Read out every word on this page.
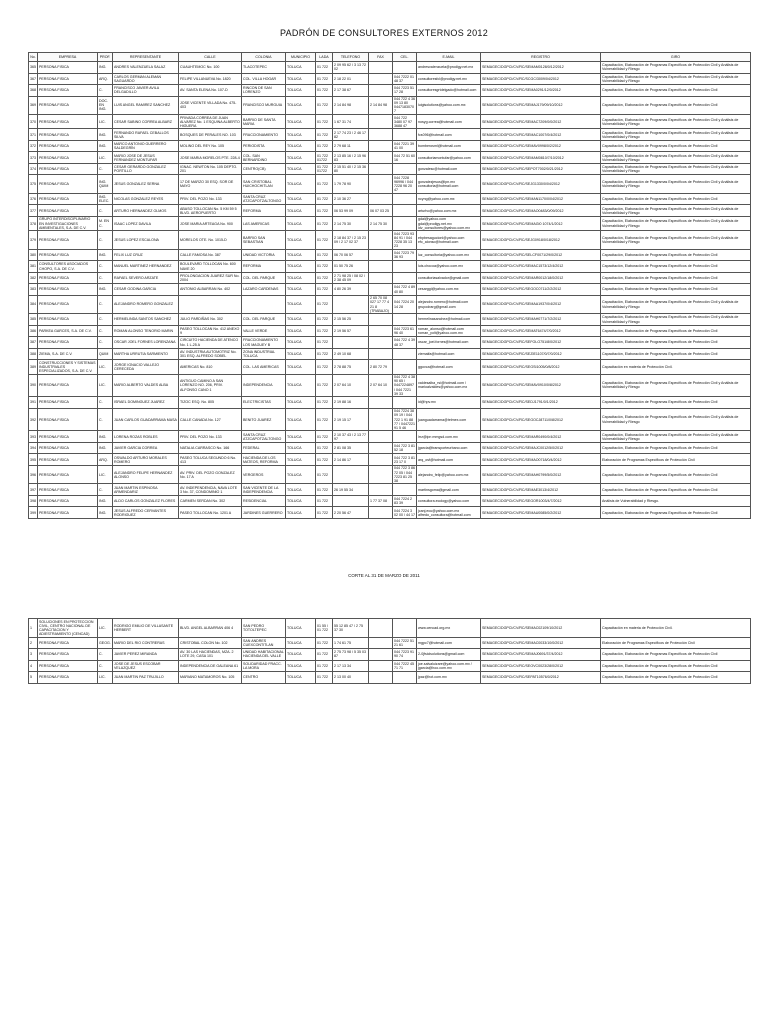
PADRÓN DE CONSULTORES EXTERNOS 2012
No.	EMPRESA	PROF.	REPRESENTANTE	CALLE	COLONIA	MUNICIPIO	LADA	TELEFONO	FAX	CEL.	E-MAIL	REGISTRO	GIRO
365	PERSONA FISICA	ING.	ANDRES VALENZUELA SALAZ	CUAUHTEMOC No. 100	TLACOTEPEC	TOLUCA	01 722	2 09 95 62 / 3 13 72 02			andresvalenzuela@prodigy.net.mx	SEMAGEC/DGPCI/CV/RC/SEMAM0128/0/12/2012	Capacitación, Elaboración de Programas Específicos de Protección Civil y Análisis de Vulnerabilidad y Riesgo
367	PERSONA FISICA	ARQ.	CARLOS GERMAN ALEMAN SAGUARDO	FELIPE VILLANUEVA No. 1820	COL. VILLA HOGAR	TOLUCA	01 722	2 18 22 01		044 7222 01 48 37	consultoresfcl@prodigy.net.mx	SEMAGEC/DGPCI/CV/RC/SCGC/3009/04/2012	Capacitación, Elaboración de Programas Específicos de Protección Civil y Análisis de Vulnerabilidad y Riesgo
368	PERSONA FISICA	C.	FRANCISCO JAVIER AVILA DELGADILLO	AV. SANTA ELENA No. 107-D	RINCON DE SAN LORENZO	TOLUCA	01 722	2 17 38 67		044 7223 51 17 28	consultoresgrtdelgado@hotmail.com	SEMAGEC/DGPCI/CV/RC/SEMA0291/12/0/2012	Capacitación, Elaboración de Programas Específicos de Protección Civil
369	PERSONA FISICA	DOC. EN ING.	LUIS ANGEL RAMIREZ SANCHEZ	JOSE VICENTE VILLADA No. 475-403	FRANCISCO MURGUIA	TOLUCA	01 722	2 14 84 98	2 14 84 98	044 722 4 36 09 13 80 0447183070 7	luigisolutions@yahoo.com.mx	SEMAGEC/DGPCI/CV/RC/SEMAJ179/09/10/2012	Capacitación, Elaboración de Programas Específicos de Protección Civil
370	PERSONA FISICA	LIC.	CESAR SABINO CORREA ALBARZ	PRIVADA CORREA DE JUAN ALVAREZ No. 1 ESQUINA ALBERTO HIGUERA	BARRIO DE SANTA MARIA	TOLUCA	01 722	1 67 31 74		044 722 3480 07 97 3688 47	nosyg.correa@hotmail.com	SEMAGEC/DGPCI/CV/RC/SEMAC7209/0/0/2012	Capacitación, Elaboración de Programas Específicos de Protección Civil y Análisis de Vulnerabilidad y Riesgo
371	PERSONA FISICA	ING.	FERNANDO RAFAEL CEBALLOS SILVA	BOSQUES DE PERALES NO. 103	FRACCIONAMIENTO	TOLUCA	01 722	2 17 74 23 / 2 46 17 82			fcs096@hotmail.com	SEMAGEC/DGPCI/CV/RC/SEMAC1007/0/4/2012	Capacitación, Elaboración de Programas Específicos de Protección Civil y Análisis de Vulnerabilidad y Riesgo
372	PERSONA FISICA	ING.	MARCO ANTONIO GUERRERO SALDEGRÍN	MOLINO DEL REY No. 105	PERIODISTA	TOLUCA	01 722	2 79 68 11		044 7221 39 41 00	bomberosml@hotmail.com	SEMAGEC/DGPCI/CV/RC/SEMAV0998/0/2/2012	Capacitación, Elaboración de Programas Específicos de Protección Civil
373	PERSONA FISICA	LIC.	MARIO JOSE DE JESUS FERNANDEZ MONTUFAR	JOSE MARIA MORELOS PTE. 228-4	COL. SAN BERNARDINO	TOLUCA	01 722 01722	2 13 85 16 / 2 15 96 83		044 72 51 60 16	consultoriamontufar@yahoo.com	SEMAGEC/DGPCI/CV/RC/SEMAM0810/7/10/2012	Capacitación, Elaboración de Programas Específicos de Protección Civil y Análisis de Vulnerabilidad y Riesgo
374	PERSONA FISICA	C.	CESAR GERARDO GONZALEZ PORTILLO	IGNAC. NEWTON No. 105 DEPTO. 201	CENTRO(CB)	TOLUCA	01 722 01722	2 15 51 40 / 2 15 36 80			gonzalesc@hotmail.com	SEMAGEC/DGPCI/CV/RC/SEPOT7002/0/21/2012	Capacitación, Elaboración de Programas Específicos de Protección Civil y Análisis de Vulnerabilidad y Riesgo
375	PERSONA FISICA	ING. QUIM	JESUS GONZALEZ SERNA	17 DE MARZO 30 ESQ. SOR DE MAYO	SAN CRISTOBAL HUICHOCHITLAN	TOLUCA	01 722	1 79 78 90		044 7228 96996 / 044 7228 96 20 47	gonzalezjesus@ipn.mx consultoria@hotmail.com	SEMAGEC/DGPCI/CV/RC/SEJG1330/0/04/2012	Capacitación, Elaboración de Programas Específicos de Protección Civil y Análisis de Vulnerabilidad y Riesgo
376	PERSONA FISICA	ING. ELEC.	NICOLAS GONZALEZ REYES	PRIV. DEL POZO No. 133	SANTA CRUZ ATZCAPOTZALTONGO	TOLUCA	01 722	2 10 36 27			ncyng@yahoo.com.mx	SEMAGEC/DGPCI/CV/RC/SEMAN1170/0/04/2012	Capacitación, Elaboración de Programas Específicos de Protección Civil
377	PERSONA FISICA	C.	ARTURO HERNANDEZ OLMOS	ABASO TOLLOCAN No. 5 KM 59 5 BLVD. AEROPUERTO	REFORMA	TOLUCA	01 722	06 53 99 09	06 07 03 25		arturho@yahoo.com.mx	SEMAGEC/DGPCI/CV/RC/SEMAO0483/0/09/2012	Capacitación, Elaboración de Programas Específicos de Protección Civil y Análisis de Vulnerabilidad y Riesgo
378	GRUPO INTERDISCIPLINARIO EN INVESTIGACIONES AMBIENTALES, S.A. DE C.V.	M. EN C.	ISAAC LOPEZ DAVILA	JOSE MARIA ARTEAGA No. 900	LAS AMERICAS	TOLUCA	01 722	2 14 75 30	2 14 75 30		gdai@yahoo.com gdai@prodigy.net.mx idv_consultores@yahoo.com.mx	SEMAGEC/DGPCI/CV/RC/SEMAGI0 1074/1/2012	Capacitación, Elaboración de Programas Específicos de Protección Civil y Análisis de Vulnerabilidad y Riesgo
379	PERSONA FISICA	C.	JESUS LOPEZ ESCALONA	MORELOS OTE. No. 1015-D	BARRIO SAN SEBASTIAN	TOLUCA	01 722	2 18 84 37 / 2 15 23 09 / 2 17 02 37		044 7223 93 84 91 / 044 7228 35 13 23	ebpbesagucionl@yahoo.com efc_alonso@hotmail.com	SEMAGEC/DGPCI/CV/RC/SEJG0918/0/18/2012	Capacitación, Elaboración de Programas Específicos de Protección Civil y Análisis de Vulnerabilidad y Riesgo
380	PERSONA FISICA	ING.	FELIX LUZ CRUZ	CALLE FAMOSA No. 387	UNIDAD VICTORIA	TOLUCA	01 722	06 70 06 57		044 7223 79 36 93	luz_consultoria@yahoo.com.mx	SEMAGEC/DGPCI/CV/RC/SELCF0071/29/0/2012	Capacitación, Elaboración de Programas Específicos de Protección Civil
381	CONSULTORES ASOCIADOS CHOPO, S.A. DE C.V.	C.	MANUEL MARTINEZ HERNANDEZ	BOULEVARD TOLLOCAN No. 600 NAVE 20	REFORMA	TOLUCA	01 722	01 50 75 26			luis.chocoa@yahoo.com.mx	SEMAGEC/DGPCI/CV/RC/SEMAC1573/12/4/2012	Capacitación, Elaboración de Programas Específicos de Protección Civil
382	PERSONA FISICA	C.	RAFAEL SEVERO ARZATE	PROLONGACION JUAREZ SUR No. 2004	COL. DEL PARQUE	TOLUCA	01 722	2 71 98 25 / 08 02 / 2 38 45 09			consultoriasalvador@gmail.com	SEMAGEC/DGPCI/CV/RC/SEMAR0012/18/0/2012	Capacitación, Elaboración de Programas Específicos de Protección Civil
383	PERSONA FISICA	ING.	CESAR GODINA GARCIA	ANTONIO ALBARRAN No. 402	LAZARO CARDENAS	TOLUCA	01 722	4 80 26 39		044 722 4 89 40 80	cesarggi@yahoo.com.mx	SEMAGEC/DGPCI/CV/RC/SEGOC0711/2/2/2012	Capacitación, Elaboración de Programas Específicos de Protección Civil
384	PERSONA FISICA	C.	ALEJANDRO ROMERO GONZALEZ			TOLUCA	01 722		2 65 70 08 027 17 77 4 21 8 (TRABAJO)	044 7224 20 14 28	alejandro.romero@hotmail.com grupodrarg@gmail.com	SEMAGEC/DGPCI/CV/RC/SEMAA1937/0/4/2012	Capacitación, Elaboración de Programas Específicos de Protección Civil y Análisis de Vulnerabilidad y Riesgo
385	PERSONA FISICA	C.	HERMELINDA SANTOS SANCHEZ	JULIO PARDIÑAS No. 302	COL. DEL PARQUE	TOLUCA	01 722	2 15 56 25			hermelinasanchez@hotmail.com	SEMAGEC/DGPCI/CV/RC/SEMAH0771/7/2/2012	Capacitación, Elaboración de Programas Específicos de Protección Civil y Análisis de Vulnerabilidad y Riesgo
386	PARKEA GARCES, S.A. DE C.V.	C.	ROMAN ALONSO TENORIO MARIN	PASEO TOLLOCAN No. 412 ANEXO 9	VALLE VERDE	TOLUCA	01 722	2 19 56 57		044 7223 61 96 40	roman_alonso@hotmail.com roman_yolt@yahoo.com.mx	SEMAGEC/DGPCI/CV/RC/SEMAT6474/7/0/2012	Capacitación, Elaboración de Programas Específicos de Protección Civil
387	PERSONA FISICA	C.	OSCAR JOEL FORNES LORENZANA	CIRCUITO HACIENDA DE ATENCO No. 1 L-25 A	FRACCIONAMIENTO LOS MAGUEY B	TOLUCA	01 722			044 722 4 39 48 37	oscar_joel.fornes@hotmail.com	SEMAGEC/DGPCI/CV/RC/SEFOLO751/8/0/2012	Capacitación, Elaboración de Programas Específicos de Protección Civil
388	ZIEMA, S.A. DE C.V.	QUIM	MARTHA URRUTIA SARMIENTO	AV. INDUSTRIA AUTOMOTRIZ No. 301 ESQ. ALFREDO SOBEL	ZONA INDUSTRIAL TOLUCA	TOLUCA	01 722	2 49 10 68			ziemaifa@hotmail.com	SEMAGEC/DGPCI/CV/RC/SEZIE1107/0/7/0/2012	Capacitación, Elaboración de Programas Específicos de Protección Civil
389	CONSTRUCCIONES Y SISTEMAS INDUSTRIALES ESPECIALIZADOS, S.A. DE C.V.	LIC.	JORGE IGNACIO VALLEJO CERECEDA	AMERICAS No. 810	COL. LAS AMERICAS	TOLUCA	01 722	2 78 88 75	2 80 72 79		ggovca@hotmail.com	SEMAGEC/DGPCI/CV/RC/SEGSI1005/0/8/2012	Capacitación en materia de Protección Civil.
390	PERSONA FISICA	LIC.	MARIO ALBERTO VALDES ALBA	ANTIGUO CAMINO A SAN LORENZO NO. 206, PRIV. ALFONSO CANO 1	INDEPENDENCIA	TOLUCA	01 722	2 07 64 10	2 07 64 10	044 722 4 38 90 65 / 0447224897 / 044 7221 39 33	valdesalba_rsi@hotmail.com / marioalvaldes@yahoo.com.mx	SEMAGEC/DGPCI/CV/RC/SEMAV0910/0/8/2012	Capacitación, Elaboración de Programas Específicos de Protección Civil y Análisis de Vulnerabilidad y Riesgo
391	PERSONA FISICA	C.	ISRAEL DOMINGUEZ JUAREZ	TIZOC ESQ. No. 805	ELECTRICISTAS	TOLUCA	01 722	2 19 88 16			id@hpv.mx	SEMAGEC/DGPCI/CV/RC/SEDJ1791/0/1/2012	Capacitación, Elaboración de Programas Específicos de Protección Civil
392	PERSONA FISICA	C.	JUAN CARLOS GUADARRAMA MASA	CALLE CANADA No. 127	BENITO JUAREZ	TOLUCA	01 722	2 19 15 17		044 7224 38 09 19 / 044 722 1 91 88 77 / 0447221 91 5 46	juanguadarrama@telmex.com	SEMAGEC/DGPCI/CV/RC/SEGOCJ8711/0/8/2012	Capacitación, Elaboración de Programas Específicos de Protección Civil y Análisis de Vulnerabilidad y Riesgo
393	PERSONA FISICA	ING.	LORENA ROZAS ROBLES	PRIV. DEL POZO No. 133	SANTA CRUZ ATZCAPOTZALTONGO	TOLUCA	01 722	2 10 37 43 / 2 13 77 97			lrrz@ipn mmgsd.com.mx	SEMAGEC/DGPCI/CV/RC/SEMAR0490/0/4/2012	Capacitación, Elaboración de Programas Específicos de Protección Civil y Análisis de Vulnerabilidad y Riesgo
394	PERSONA FISICA	ING.	JAVIER GARCIA CORREA	NATALIA CARRASCO No. 166	FEDERAL	TOLUCA	01 722	2 81 08 35		044 722 3 81 52 18	jgarcia@transporteurbano.com	SEMAGEC/DGPCI/CV/RC/SEMAJC0012/5/0/2012	Capacitación, Elaboración de Programas Específicos de Protección Civil
395	PERSONA FISICA	ARQ.	OSWALDO ARTURO MORALES ROMERO	PASEO TOLUCA SEGUNDO 6 No. 413	HACIENDA DE LOS MATEOS, REFORMA	TOLUCA	01 722	2 14 86 17		044 722 3 81 23 17 0	arq_osf@hotmail.com	SEMAGEC/DGPCI/CV/RC/SEMAO0718/0/4/2012	Elaboración de Programas Específicos de Protección Civil
396	PERSONA FISICA	LIC.	ALEJANDRO FELIPE HERNANDEZ ALONSO	AV. PRIV. DEL POZO GONZALEZ No. 17 A	VERGEROS	TOLUCA	01 722			044 722 3 86 72 05 / 044 7223 81 25 38	alejandro_felip@yahoo.com.mx	SEMAGEC/DGPCI/CV/RC/SEMAH0799/5/0/2012	Capacitación, Elaboración de Programas Específicos de Protección Civil
397	PERSONA FISICA	C.	JUAN MARTIN ESPINOSA ARMENDARIZ	AV. INDEPENDENCIA, NAVA LOTE 3 No. 37, CONDOMINIO 1	SAN VICENTE DE LA INDEPENDENCIA	TOLUCA	01 722	26 19 55 34			martinsgoma@gmail.com	SEMAGEC/DGPCI/CV/RC/SEMAE3013/4/2012	Capacitación, Elaboración de Programas Específicos de Protección Civil
398	PERSONA FISICA	ING.	ALDO CARLOS GONZALEZ FLORES	CARMEN SERDAN No. 302	RESIDENCIAL	TOLUCA	01 722		1 77 37 08	044 7224 2 83 39	consultora.ecology@yahoo.com	SEMAGEC/DGPCI/CV/RC/SEGOR1003/4/7/2012	Análisis de Vulnerabilidad y Riesgo.
399	PERSONA FISICA	ING.	JESUS ALFREDO CERVANTES RODRIGUEZ	PASEO TOLLOCAN No. 1201 A	JARDINES GUERRERO	TOLUCA	01 722	2 20 56 47		044 7224 3 02 00 / 44 17	jcanj.ecu@yahoo.com.mx alfredo_consultora@hotmail.com	SEMAGEC/DGPCI/CV/RC/SEMAU0085/0/2/2012	Capacitación, Elaboración de Programas Específicos de Protección Civil
CORTE AL 31 DE MARZO DE 2011
1	SOLUCIONES EN PROTECCION CIVIL, CENTRO NACIONAL DE CAPACITACION Y ADIESTRAMIENTO (CENCAD)	LIC.	RODRIGO EMILIO DE VILLASANTE HERBERT	BLVD. ANGEL ALBARRAN 406 4	SAN PEDRO TOTOLTEPEC	TOLUCA	01 55 / 01 722	55 12 85 47 / 2 75 37 30			www.cencad.org.mx	SEMAGEC/DGPCI/CV/RC/SEMAC02109/10/2012	Capacitación en materia de Protección Civil.
2	PERSONA FISICA	GEOG.	MARIO DEL RIO CONTRERAS	CRISTOBAL COLON No. 102	SAN ANDRES CUEXCONTITLAN	TOLUCA	01 722	1 74 61 75		044 7222 51 21 61	mgpc7@hotmail.com	SEMAGEC/DGPCI/CV/RC/SEMAC0033/10/0/2012	Elaboración de Programas Específicos de Protección Civil
3	PERSONA FISICA	C.	JAVIER PEREZ MIRANDA	AV. 30 LAS HACIENDAS, MZA. 2 LOTE 29, CASA 101	UNIDAD HABITACIONAL HACIENDA DEL VALLE	TOLUCA	01 722	2 75 73 98 / 5 35 03 87		044 7223 91 90 74	2-0jfsiclsolutions@gmail.com	SEMAGEC/DGPCI/CV/RC/SEMAJ0691/37/4/2012	Capacitación, Elaboración de Programas Específicos de Protección Civil
4	PERSONA FISICA	C.	JOSE DE JESUS ESCOBAR VELAZQUEZ	INDEPENDENCIA DE GALEANA 61	SOLIDARIDAD FRACC. LA MORA	TOLUCA	01 722	2 17 13 34		044 7222 45 71 71	joe.salvaluizare@yahoo.com.mx / jgarcia@hoo.com.mx	SEMAGEC/DGPCI/CV/RC/SEOVC0023/28/0/2012	Capacitación, Elaboración de Programas Específicos de Protección Civil
5	PERSONA FISICA	LIC.	JUAN MARTIN PAZ TRUJILLO	MARIANO MATAMOROS No. 105	CENTRO	TOLUCA	01 722	2 13 00 40			jpaz@hot.com.mx	SEMAGEC/DGPCI/CV/RC/SEPAT10576/0/2012	Capacitación, Elaboración de Programas Específicos de Protección Civil
